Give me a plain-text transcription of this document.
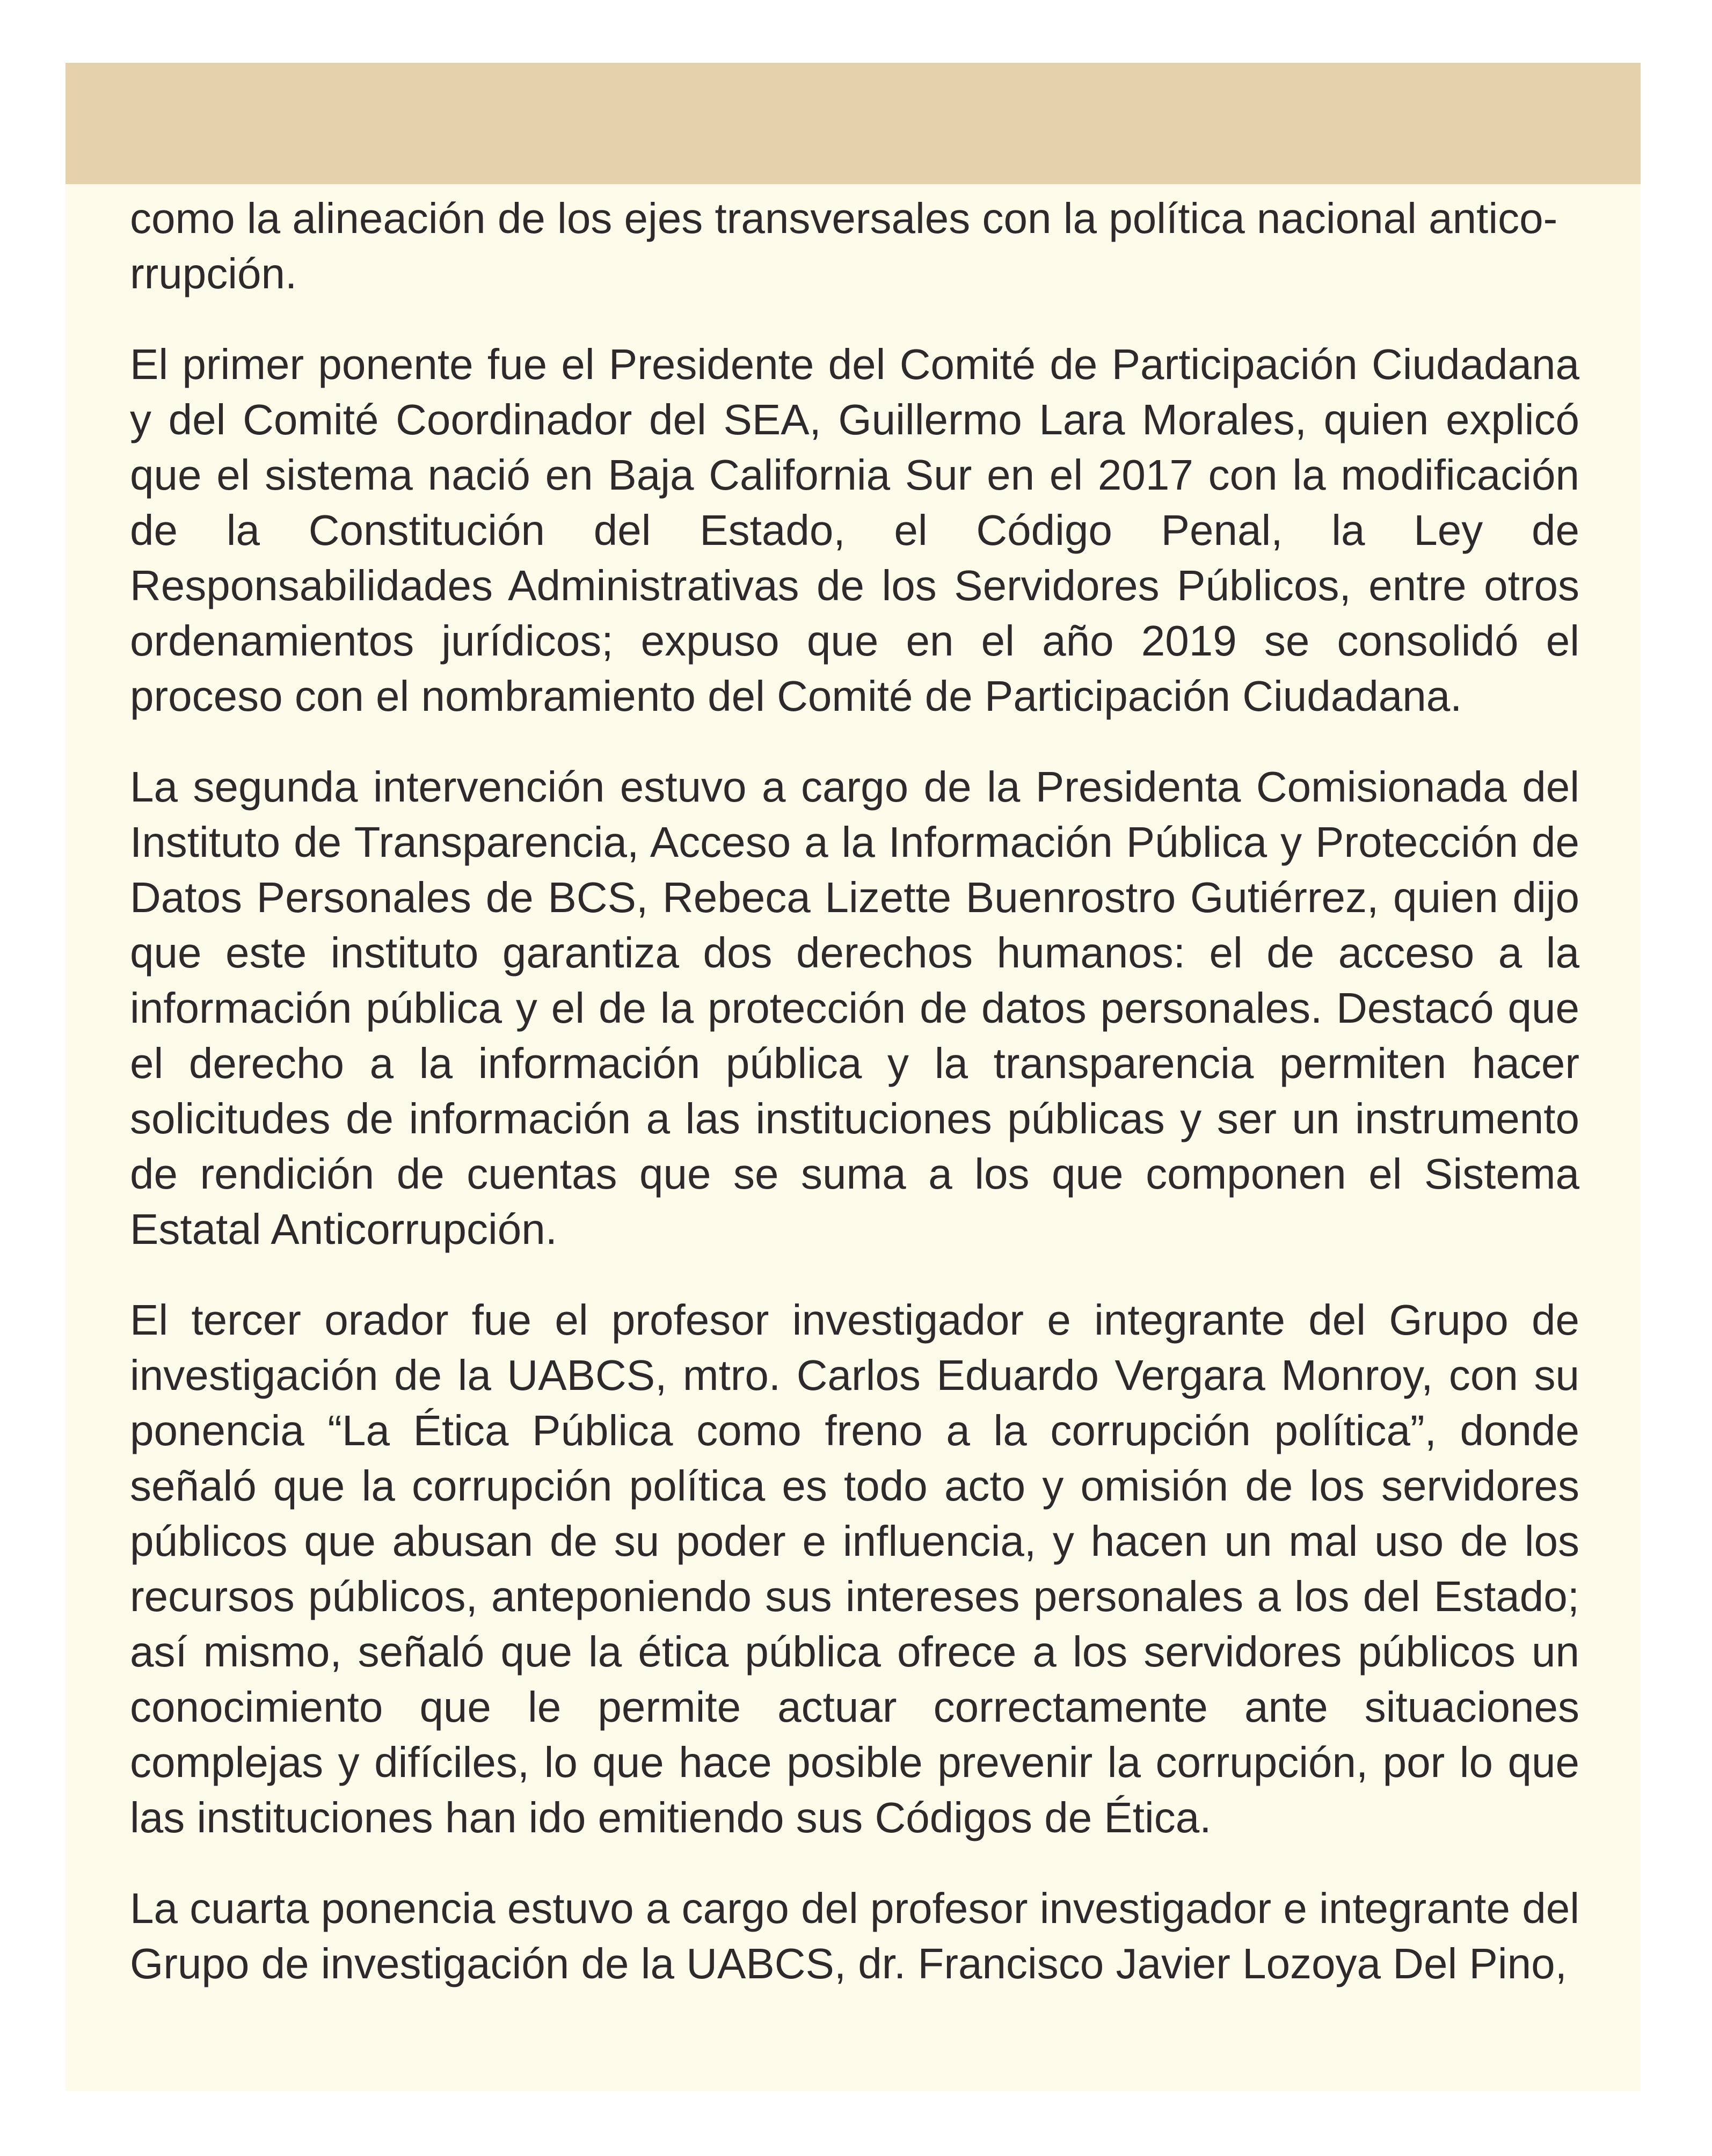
como la alineación de los ejes transversales con la política nacional antico-rrupción.

El primer ponente fue el Presidente del Comité de Participación Ciudadana y del Comité Coordinador del SEA, Guillermo Lara Morales, quien explicó que el sistema nació en Baja California Sur en el 2017 con la modificación de la Constitución del Estado, el Código Penal, la Ley de Responsabilidades Administrativas de los Servidores Públicos, entre otros ordenamientos jurídicos; expuso que en el año 2019 se consolidó el proceso con el nombramiento del Comité de Participación Ciudadana.

La segunda intervención estuvo a cargo de la Presidenta Comisionada del Instituto de Transparencia, Acceso a la Información Pública y Protección de Datos Personales de BCS, Rebeca Lizette Buenrostro Gutiérrez, quien dijo que este instituto garantiza dos derechos humanos: el de acceso a la información pública y el de la protección de datos personales. Destacó que el derecho a la información pública y la transparencia permiten hacer solicitudes de información a las instituciones públicas y ser un instrumento de rendición de cuentas que se suma a los que componen el Sistema Estatal Anticorrupción.

El tercer orador fue el profesor investigador e integrante del Grupo de investigación de la UABCS, mtro. Carlos Eduardo Vergara Monroy, con su ponencia “La Ética Pública como freno a la corrupción política”, donde señaló que la corrupción política es todo acto y omisión de los servidores públicos que abusan de su poder e influencia, y hacen un mal uso de los recursos públicos, anteponiendo sus intereses personales a los del Estado; así mismo, señaló que la ética pública ofrece a los servidores públicos un conocimiento que le permite actuar correctamente ante situaciones complejas y difíciles, lo que hace posible prevenir la corrupción, por lo que las instituciones han ido emitiendo sus Códigos de Ética.

La cuarta ponencia estuvo a cargo del profesor investigador e integrante del Grupo de investigación de la UABCS, dr. Francisco Javier Lozoya Del Pino,
